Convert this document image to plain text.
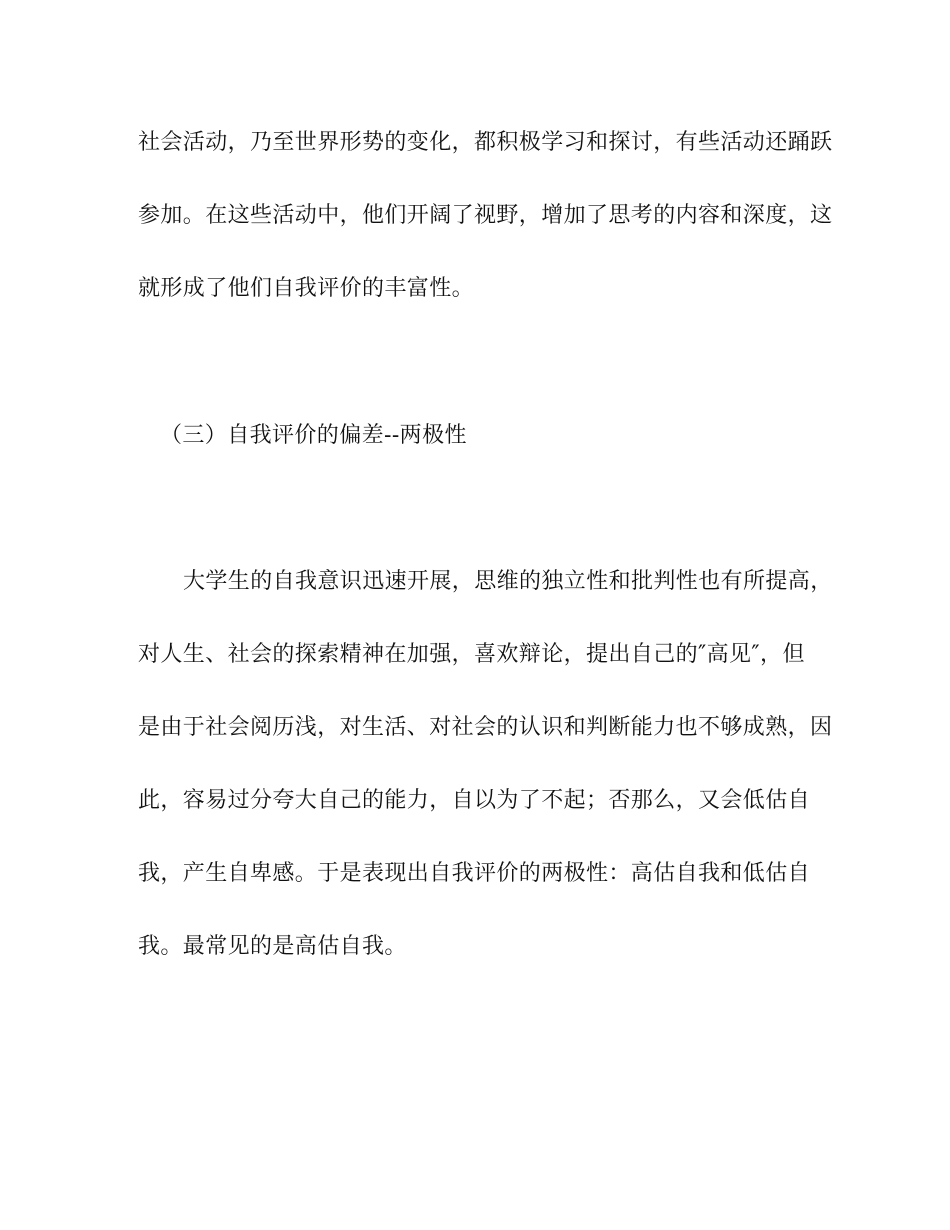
社会活动，乃至世界形势的变化，都积极学习和探讨，有些活动还踊跃
参加。在这些活动中，他们开阔了视野，增加了思考的内容和深度，这
就形成了他们自我评价的丰富性。
（三）自我评价的偏差--两极性
大学生的自我意识迅速开展，思维的独立性和批判性也有所提高，
对人生、社会的探索精神在加强，喜欢辩论，提出自己的″高见″，但
是由于社会阅历浅，对生活、对社会的认识和判断能力也不够成熟，因
此，容易过分夸大自己的能力，自以为了不起；否那么，又会低估自
我，产生自卑感。于是表现出自我评价的两极性：高估自我和低估自
我。最常见的是高估自我。
